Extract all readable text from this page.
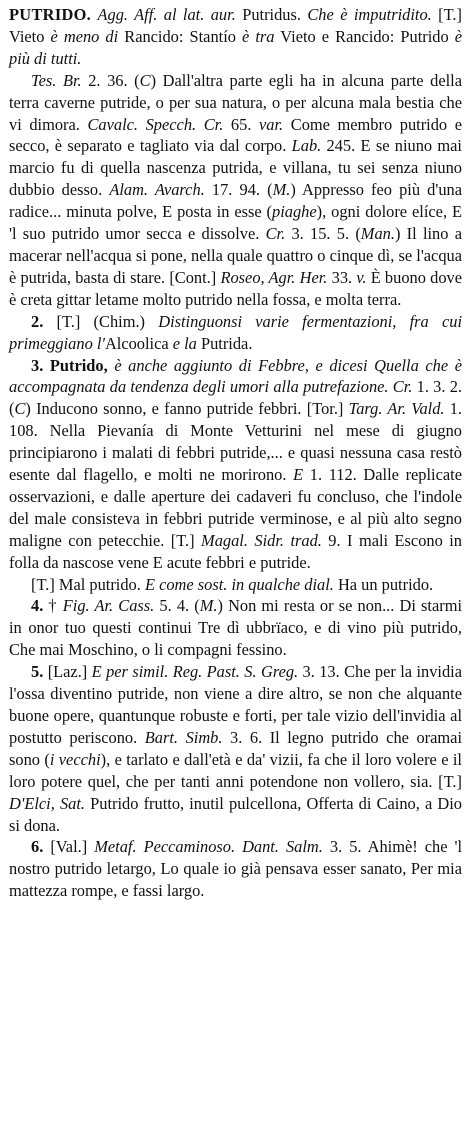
PUTRIDO. Agg. Aff. al lat. aur. Putridus. Che è imputridito. [T.] Vieto è meno di Rancido: Stantío è tra Vieto e Rancido: Putrido è più di tutti.

Tes. Br. 2. 36. (C) Dall'altra parte egli ha in alcuna parte della terra caverne putride, o per sua natura, o per alcuna mala bestia che vi dimora. Cavalc. Specch. Cr. 65. var. Come membro putrido e secco, è separato e tagliato via dal corpo. Lab. 245. E se niuno mai marcio fu di quella nascenza putrida, e villana, tu sei senza niuno dubbio desso. Alam. Avarch. 17. 94. (M.) Appresso feo più d'una radice... minuta polve, E posta in esse (piaghe), ogni dolore elíce, E 'l suo putrido umor secca e dissolve. Cr. 3. 15. 5. (Man.) Il lino a macerar nell'acqua si pone, nella quale quattro o cinque dì, se l'acqua è putrida, basta di stare. [Cont.] Roseo, Agr. Her. 33. v. È buono dove è creta gittar letame molto putrido nella fossa, e molta terra.

2. [T.] (Chim.) Distinguonsi varie fermentazioni, fra cui primeggiano l'Alcoolica e la Putrida.

3. Putrido, è anche aggiunto di Febbre, e dicesi Quella che è accompagnata da tendenza degli umori alla putrefazione. Cr. 1. 3. 2. (C) Inducono sonno, e fanno putride febbri. [Tor.] Targ. Ar. Vald. 1. 108. Nella Pievanía di Monte Vetturini nel mese di giugno principiarono i malati di febbri putride,... e quasi nessuna casa restò esente dal flagello, e molti ne morirono. E 1. 112. Dalle replicate osservazioni, e dalle aperture dei cadaveri fu concluso, che l'indole del male consisteva in febbri putride verminose, e al più alto segno maligne con petecchie. [T.] Magal. Sidr. trad. 9. I mali Escono in folla da nascose vene E acute febbri e putride.

[T.] Mal putrido. E come sost. in qualche dial. Ha un putrido.

4. † Fig. Ar. Cass. 5. 4. (M.) Non mi resta or se non... Di starmi in onor tuo questi continui Tre dì ubbrïaco, e di vino più putrido, Che mai Moschino, o li compagni fessino.

5. [Laz.] E per simil. Reg. Past. S. Greg. 3. 13. Che per la invidia l'ossa diventino putride, non viene a dire altro, se non che alquante buone opere, quantunque robuste e forti, per tale vizio dell'invidia al postutto periscono. Bart. Simb. 3. 6. Il legno putrido che oramai sono (i vecchi), e tarlato e dall'età e da' vizii, fa che il loro volere e il loro potere quel, che per tanti anni potendone non vollero, sia. [T.] D'Elci, Sat. Putrido frutto, inutil pulcellona, Offerta di Caino, a Dio si dona.

6. [Val.] Metaf. Peccaminoso. Dant. Salm. 3. 5. Ahimè! che 'l nostro putrido letargo, Lo quale io già pensava esser sanato, Per mia mattezza rompe, e fassi largo.
